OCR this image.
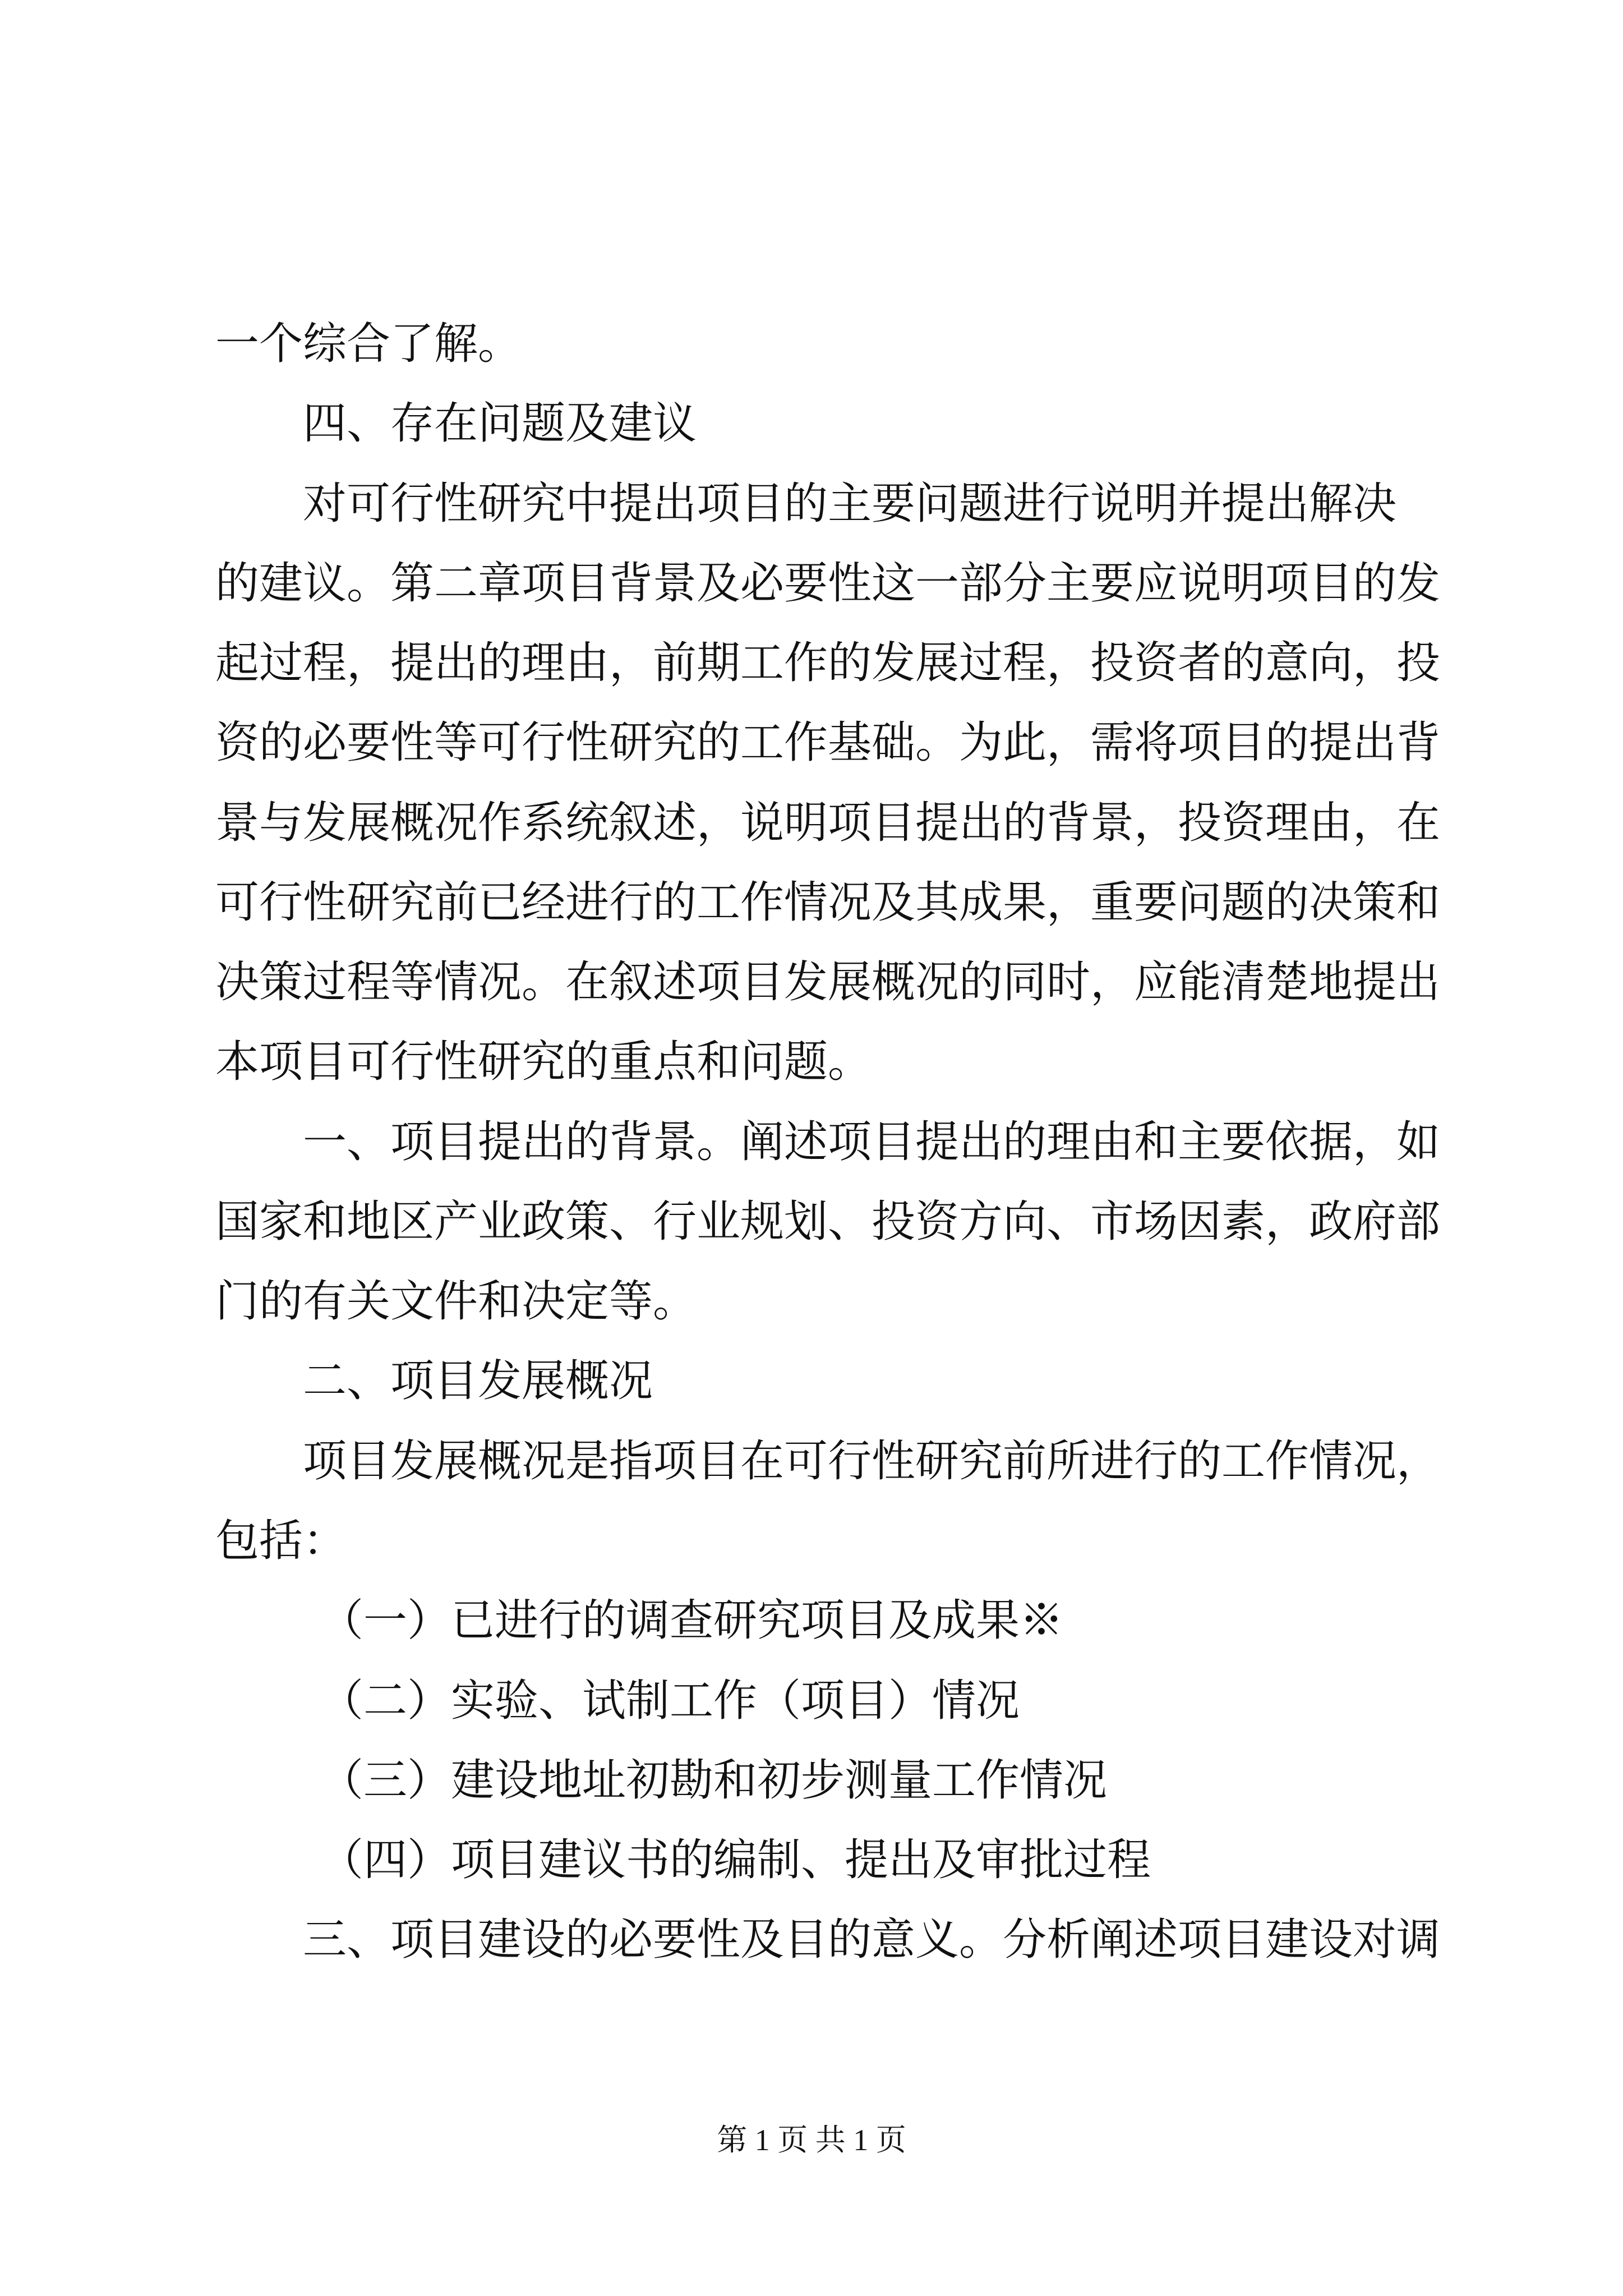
一个综合了解。
四、存在问题及建议
对可行性研究中提出项目的主要问题进行说明并提出解决
的建议。第二章项目背景及必要性这一部分主要应说明项目的发
起过程，提出的理由，前期工作的发展过程，投资者的意向，投
资的必要性等可行性研究的工作基础。为此，需将项目的提出背
景与发展概况作系统叙述，说明项目提出的背景，投资理由，在
可行性研究前已经进行的工作情况及其成果，重要问题的决策和
决策过程等情况。在叙述项目发展概况的同时，应能清楚地提出
本项目可行性研究的重点和问题。
一、项目提出的背景。阐述项目提出的理由和主要依据，如
国家和地区产业政策、行业规划、投资方向、市场因素，政府部
门的有关文件和决定等。
二、项目发展概况
项目发展概况是指项目在可行性研究前所进行的工作情况，
包括：
（一）已进行的调查研究项目及成果※
（二）实验、试制工作（项目）情况
（三）建设地址初勘和初步测量工作情况
（四）项目建议书的编制、提出及审批过程
三、项目建设的必要性及目的意义。分析阐述项目建设对调
第 1 页 共 1 页
